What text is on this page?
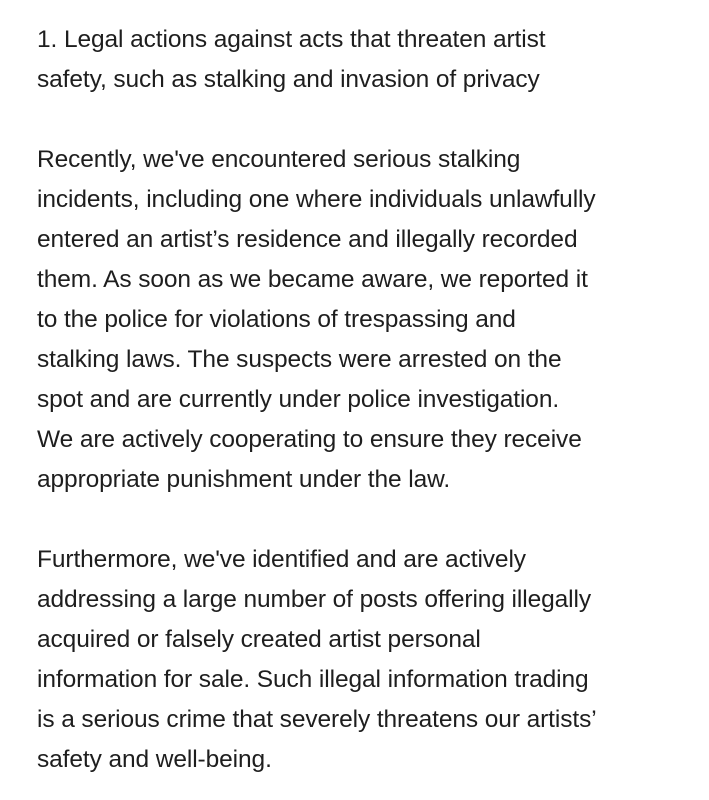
1. Legal actions against acts that threaten artist
safety, such as stalking and invasion of privacy

Recently, we've encountered serious stalking
incidents, including one where individuals unlawfully
entered an artist’s residence and illegally recorded
them. As soon as we became aware, we reported it
to the police for violations of trespassing and
stalking laws. The suspects were arrested on the
spot and are currently under police investigation.
We are actively cooperating to ensure they receive
appropriate punishment under the law.

Furthermore, we've identified and are actively
addressing a large number of posts offering illegally
acquired or falsely created artist personal
information for sale. Such illegal information trading
is a serious crime that severely threatens our artists’
safety and well-being.
